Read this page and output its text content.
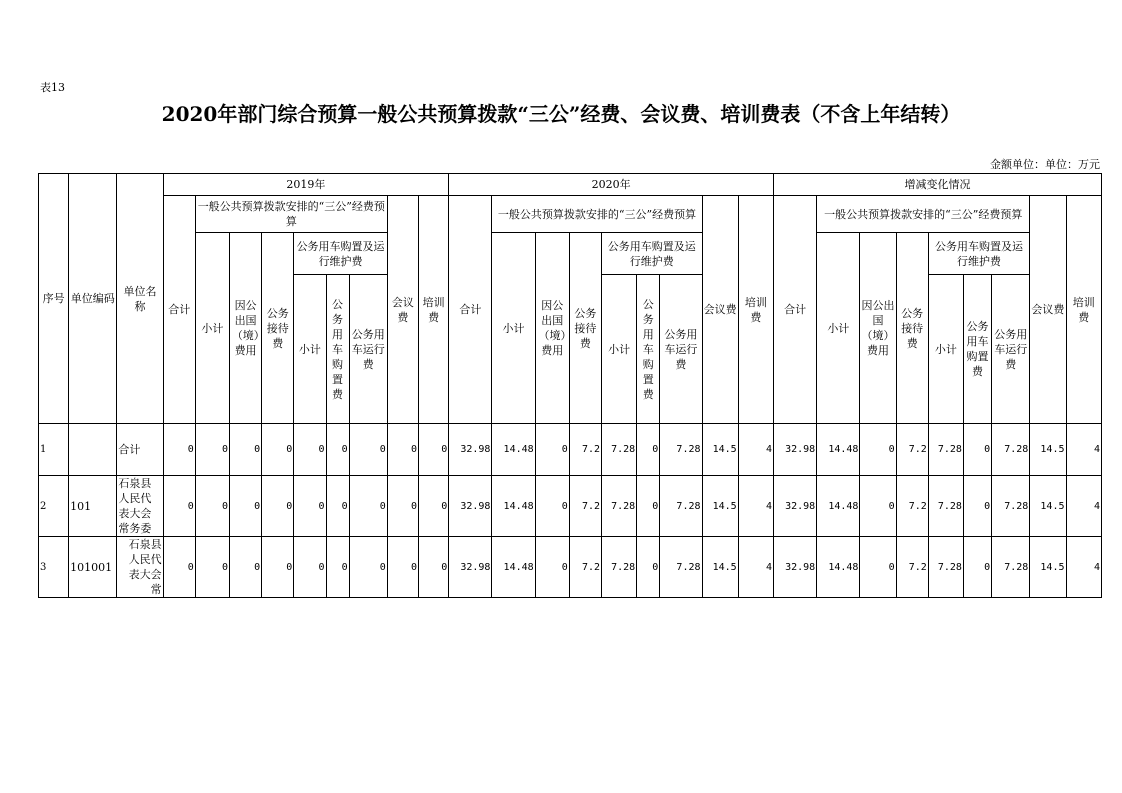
表13
2020年部门综合预算一般公共预算拨款“三公”经费、会议费、培训费表（不含上年结转）
金额单位：单位：万元
序号	单位编码	单位名称	2019年									2020年									增减变化情况								
			合计	一般公共预算拨款安排的“三公”经费预算						会议费	培训费	合计	一般公共预算拨款安排的“三公”经费预算						会议费	培训费	合计	一般公共预算拨款安排的“三公”经费预算						会议费	培训费
				小计	因公出国（境）费用	公务接待费	公务用车购置及运行维护费						小计	因公出国（境）费用	公务接待费	公务用车购置及运行维护费						小计	因公出国（境）费用	公务接待费	公务用车购置及运行维护费				
							小计	公务用车购置费	公务用车运行费							小计	公务用车购置费	公务用车运行费							小计	公务用车购置费	公务用车运行费		

1		合计	0	0	0	0	0	0	0	0	0	32.98	14.48	0	7.2	7.28	0	7.28	14.5	4	32.98	14.48	0	7.2	7.28	0	7.28	14.5	4
2	101	石泉县人民代表大会常务委	0	0	0	0	0	0	0	0	0	32.98	14.48	0	7.2	7.28	0	7.28	14.5	4	32.98	14.48	0	7.2	7.28	0	7.28	14.5	4
3	101001	石泉县人民代表大会常	0	0	0	0	0	0	0	0	0	32.98	14.48	0	7.2	7.28	0	7.28	14.5	4	32.98	14.48	0	7.2	7.28	0	7.28	14.5	4
